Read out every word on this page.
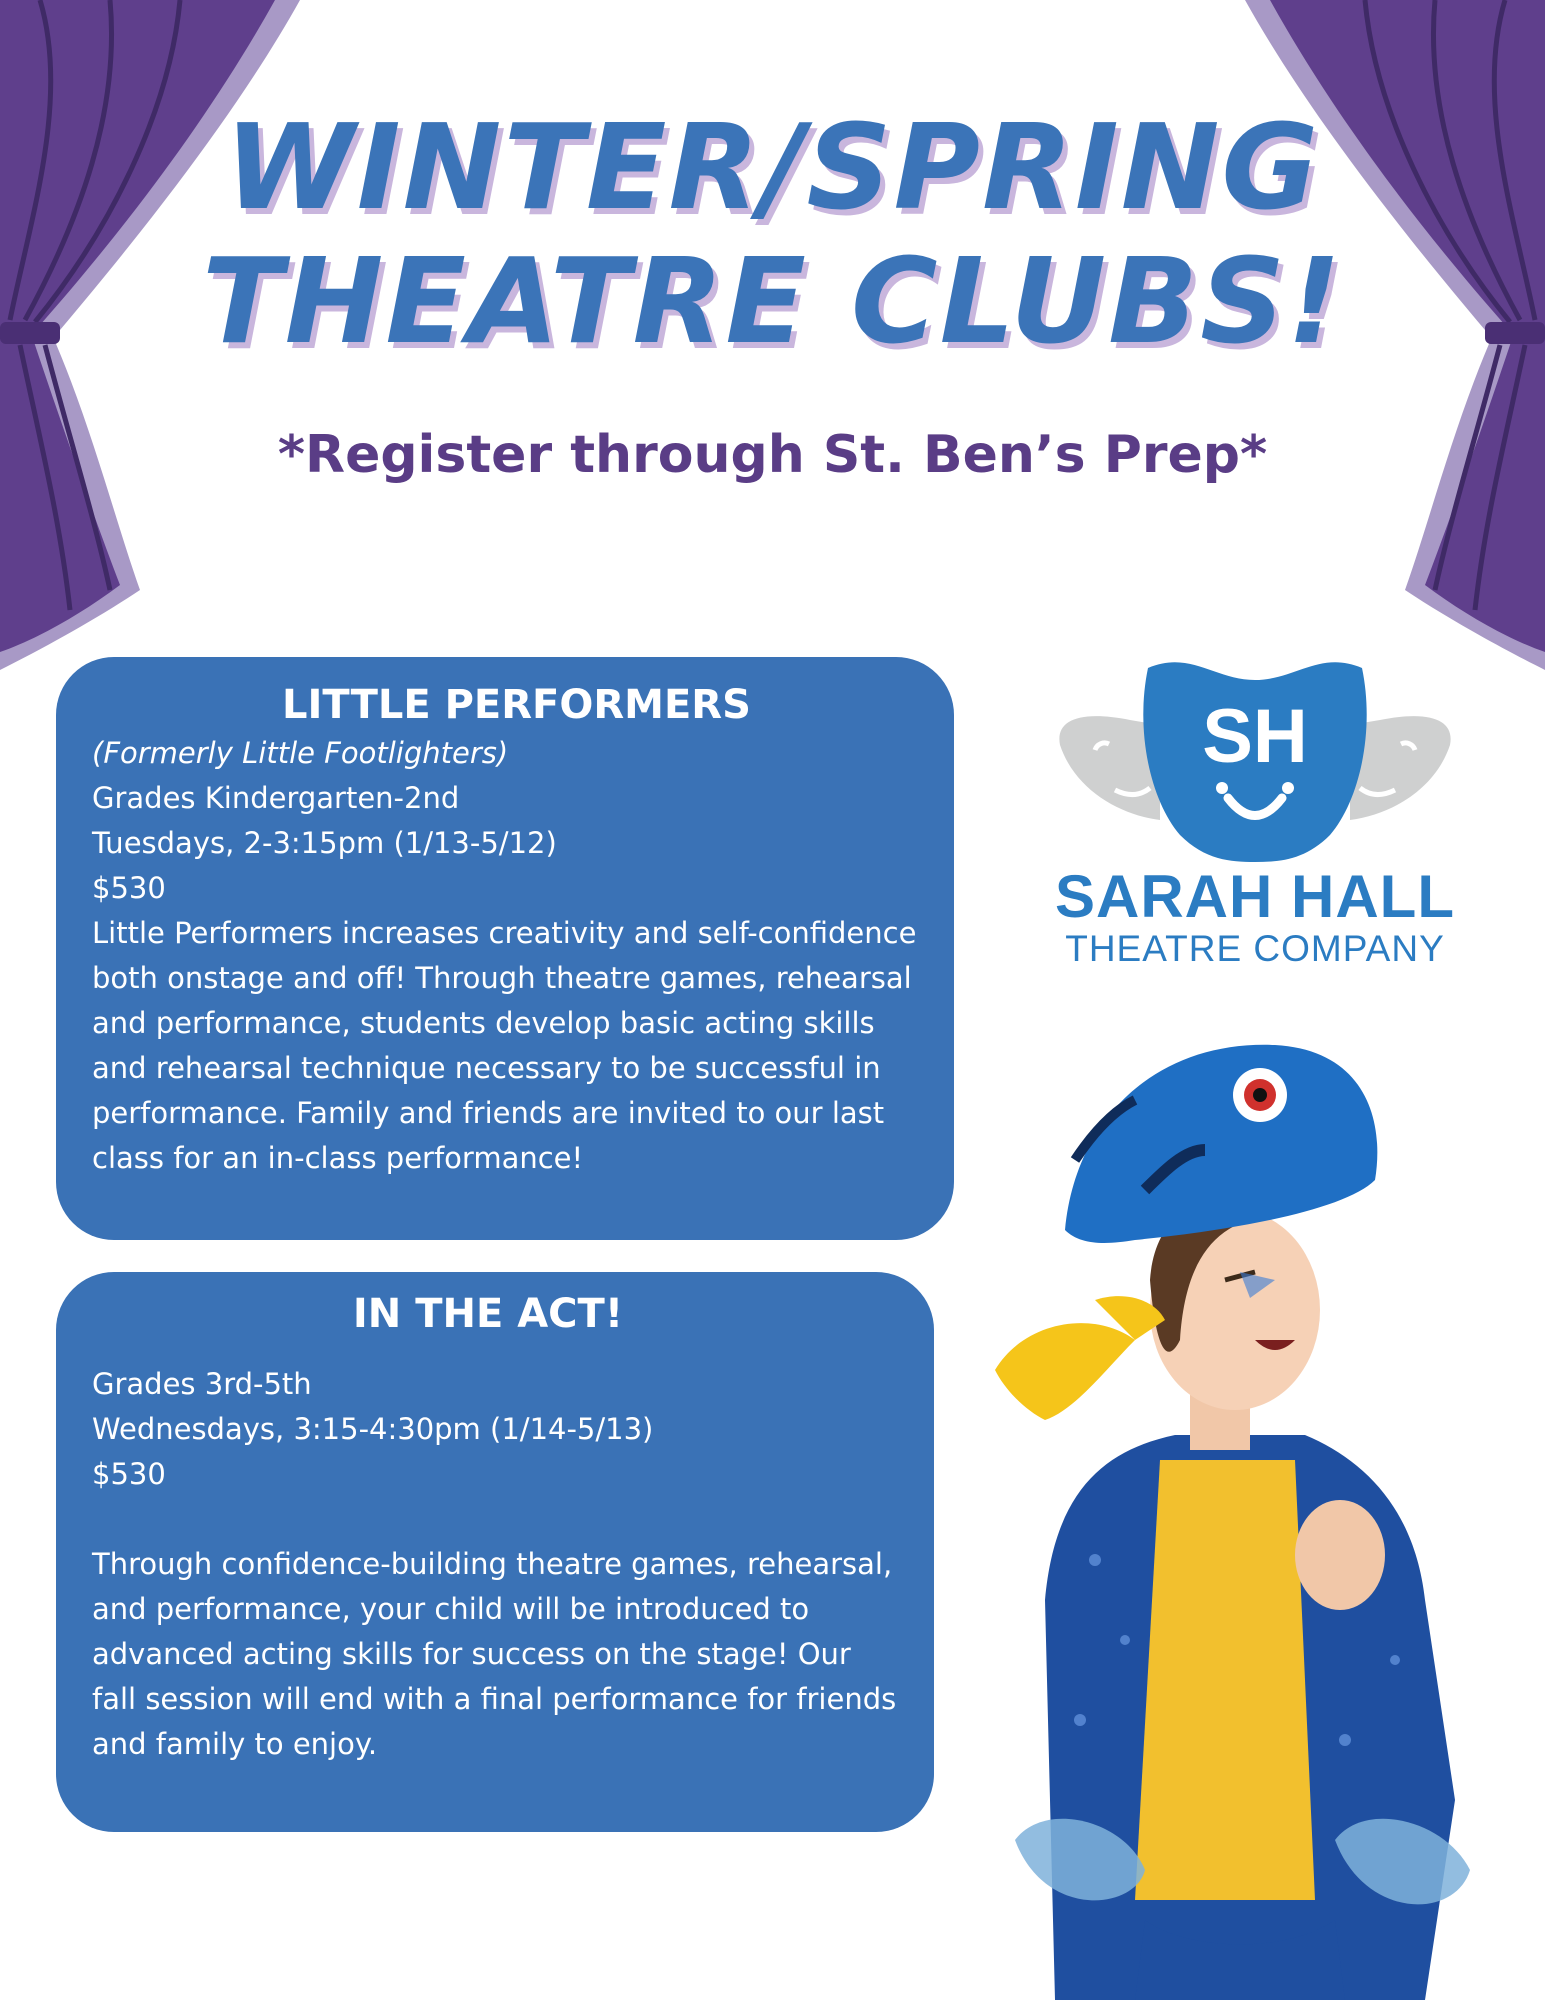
WINTER/SPRING
THEATRE CLUBS!
*Register through St. Ben’s Prep*
LITTLE PERFORMERS

(Formerly Little Footlighters)

Grades Kindergarten-2nd

Tuesdays, 2-3:15pm (1/13-5/12)

$530

Little Performers increases creativity and self-confidence both onstage and off! Through theatre games, rehearsal and performance, students develop basic acting skills and rehearsal technique necessary to be successful in performance. Family and friends are invited to our last class for an in-class performance!

IN THE ACT!

Grades 3rd-5th

Wednesdays, 3:15-4:30pm (1/14-5/13)

$530

Through confidence-building theatre games, rehearsal, and performance, your child will be introduced to advanced acting skills for success on the stage! Our fall session will end with a final performance for friends and family to enjoy.

SH
SARAH HALL
THEATRE COMPANY
